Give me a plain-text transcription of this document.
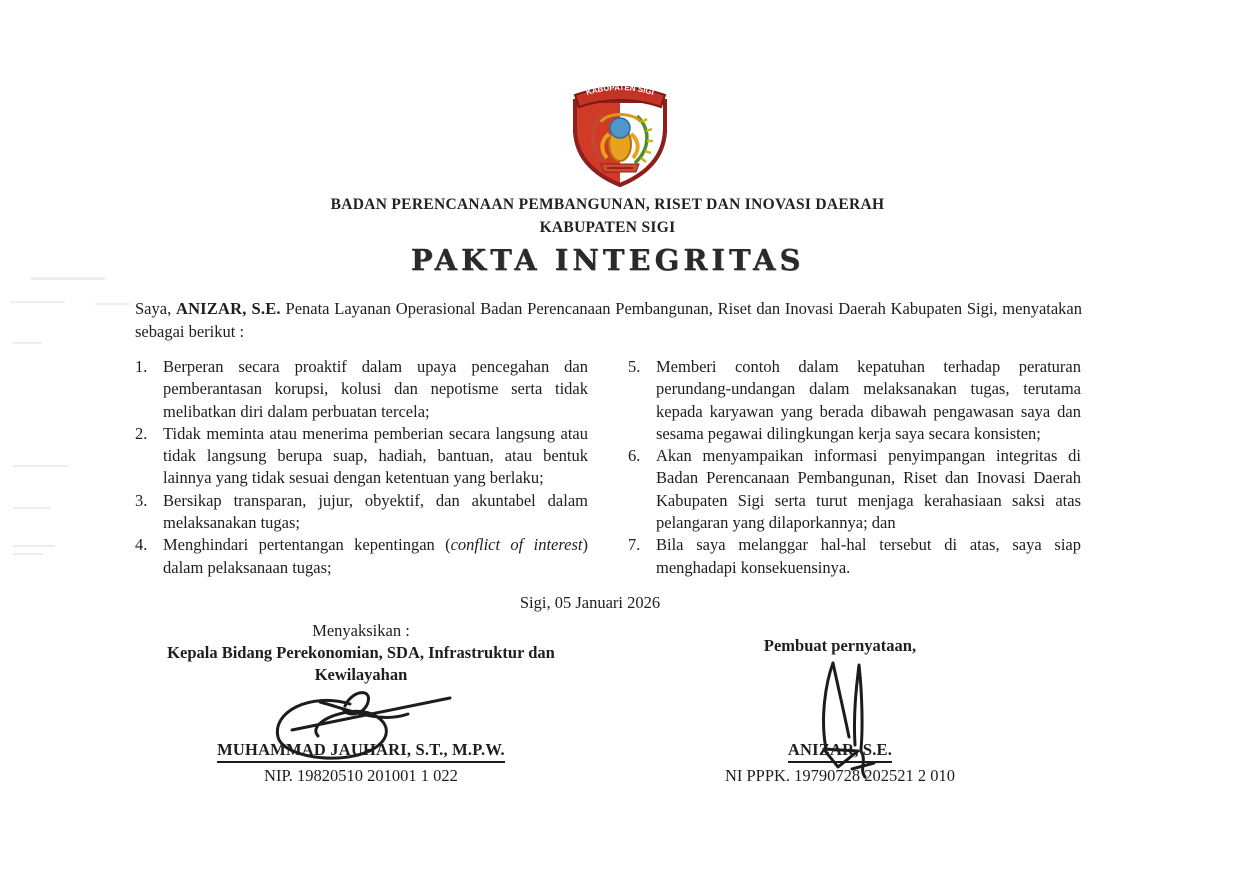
KABUPATEN SIGI
BADAN PERENCANAAN PEMBANGUNAN, RISET DAN INOVASI DAERAH
KABUPATEN SIGI
PAKTA INTEGRITAS

Saya, ANIZAR, S.E. Penata Layanan Operasional Badan Perencanaan Pembangunan, Riset dan Inovasi Daerah Kabupaten Sigi, menyatakan sebagai berikut :

1. Berperan secara proaktif dalam upaya pencegahan dan pemberantasan korupsi, kolusi dan nepotisme serta tidak melibatkan diri dalam perbuatan tercela;
2. Tidak meminta atau menerima pemberian secara langsung atau tidak langsung berupa suap, hadiah, bantuan, atau bentuk lainnya yang tidak sesuai dengan ketentuan yang berlaku;
3. Bersikap transparan, jujur, obyektif, dan akuntabel dalam melaksanakan tugas;
4. Menghindari pertentangan kepentingan (conflict of interest) dalam pelaksanaan tugas;
5. Memberi contoh dalam kepatuhan terhadap peraturan perundang-undangan dalam melaksanakan tugas, terutama kepada karyawan yang berada dibawah pengawasan saya dan sesama pegawai dilingkungan kerja saya secara konsisten;
6. Akan menyampaikan informasi penyimpangan integritas di Badan Perencanaan Pembangunan, Riset dan Inovasi Daerah Kabupaten Sigi serta turut menjaga kerahasiaan saksi atas pelangaran yang dilaporkannya; dan
7. Bila saya melanggar hal-hal tersebut di atas, saya siap menghadapi konsekuensinya.
Sigi, 05 Januari 2026
Menyaksikan :
Kepala Bidang Perekonomian, SDA, Infrastruktur dan
Kewilayahan
MUHAMMAD JAUHARI, S.T., M.P.W.
NIP. 19820510 201001 1 022
Pembuat pernyataan,
ANIZAR, S.E.
NI PPPK. 19790728 202521 2 010
